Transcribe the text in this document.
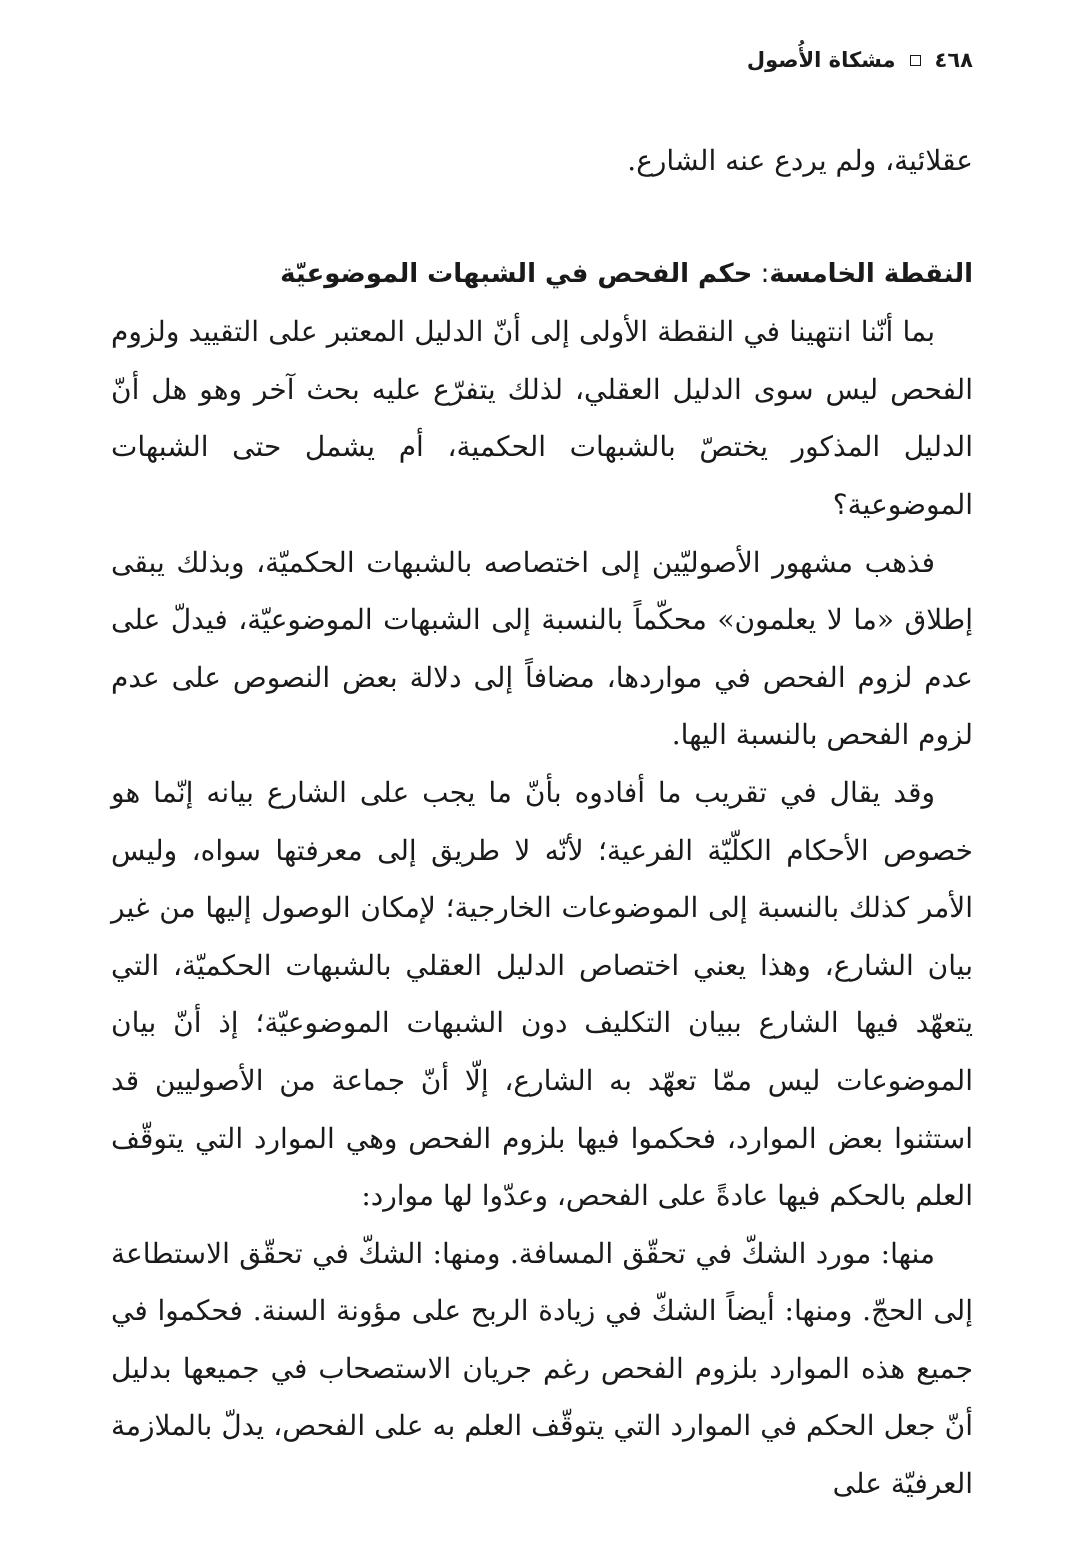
٤٦٨
مشكاة الأُصول

عقلائية، ولم يردع عنه الشارع.

النقطة الخامسة: حكم الفحص في الشبهات الموضوعيّة

بما أنّنا انتهينا في النقطة الأولى إلى أنّ الدليل المعتبر على التقييد ولزوم الفحص ليس سوى الدليل العقلي، لذلك يتفرّع عليه بحث آخر وهو هل أنّ الدليل المذكور يختصّ بالشبهات الحكمية، أم يشمل حتى الشبهات الموضوعية؟

فذهب مشهور الأصوليّين إلى اختصاصه بالشبهات الحكميّة، وبذلك يبقى إطلاق «ما لا يعلمون» محكّماً بالنسبة إلى الشبهات الموضوعيّة، فيدلّ على عدم لزوم الفحص في مواردها، مضافاً إلى دلالة بعض النصوص على عدم لزوم الفحص بالنسبة اليها.

وقد يقال في تقريب ما أفادوه بأنّ ما يجب على الشارع بيانه إنّما هو خصوص الأحكام الكلّيّة الفرعية؛ لأنّه لا طريق إلى معرفتها سواه، وليس الأمر كذلك بالنسبة إلى الموضوعات الخارجية؛ لإمكان الوصول إليها من غير بيان الشارع، وهذا يعني اختصاص الدليل العقلي بالشبهات الحكميّة، التي يتعهّد فيها الشارع ببيان التكليف دون الشبهات الموضوعيّة؛ إذ أنّ بيان الموضوعات ليس ممّا تعهّد به الشارع، إلّا أنّ جماعة من الأصوليين قد استثنوا بعض الموارد، فحكموا فيها بلزوم الفحص وهي الموارد التي يتوقّف العلم بالحكم فيها عادةً على الفحص، وعدّوا لها موارد:

منها: مورد الشكّ في تحقّق المسافة. ومنها: الشكّ في تحقّق الاستطاعة إلى الحجّ. ومنها: أيضاً الشكّ في زيادة الربح على مؤونة السنة. فحكموا في جميع هذه الموارد بلزوم الفحص رغم جريان الاستصحاب في جميعها بدليل أنّ جعل الحكم في الموارد التي يتوقّف العلم به على الفحص، يدلّ بالملازمة العرفيّة على
